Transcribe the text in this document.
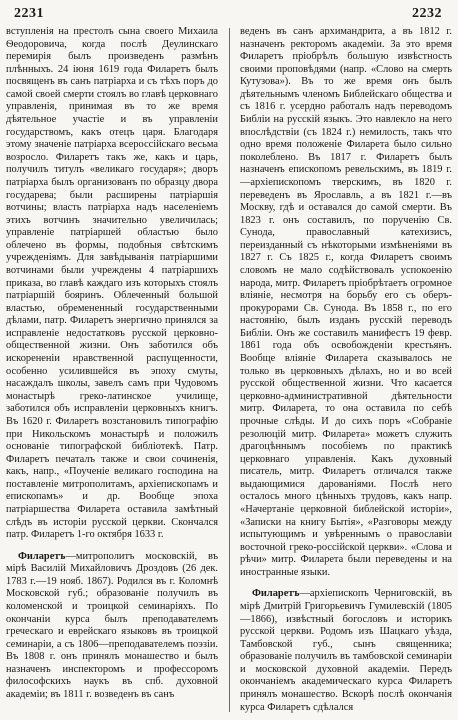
2231	2232

вступленія на престолъ сына своего Михаила Ѳеодоровича, когда послѣ Деулинскаго перемирія былъ произведенъ размѣнъ плѣнныхъ. 24 іюня 1619 года Филаретъ былъ посвященъ въ санъ патріарха и съ тѣхъ поръ до самой своей смерти стоялъ во главѣ церковнаго управленія, принимая въ то же время дѣятельное участіе и въ управленіи государствомъ, какъ отецъ царя. Благодаря этому значеніе патріарха всероссійскаго весьма возросло. Филаретъ такъ же, какъ и царь, получилъ титулъ «великаго государя»; дворъ патріарха былъ организованъ по образцу двора государева; были расширены патріаршія вотчины; власть патріарха надъ населеніемъ этихъ вотчинъ значительно увеличилась; управленіе патріаршей областью было облечено въ формы, подобныя свѣтскимъ учрежденіямъ. Для завѣдыванія патріаршими вотчинами были учреждены 4 патріаршихъ приказа, во главѣ каждаго изъ которыхъ стоялъ патріаршій бояринъ. Облеченный большой властью, обремененный государственными дѣлами, патр. Филаретъ энергично принялся за исправленіе недостатковъ русской церковно-общественной жизни. Онъ заботился объ искорененіи нравственной распущенности, особенно усилившейся въ эпоху смуты, насаждалъ школы, завелъ самъ при Чудовомъ монастырѣ греко-латинское училище, заботился объ исправленіи церковныхъ книгъ. Въ 1620 г. Филаретъ возстановилъ типографію при Никольскомъ монастырѣ и положилъ основаніе типографской библіотекѣ. Патр. Филаретъ печаталъ также и свои сочиненія, какъ, напр., «Поученіе великаго господина на поставленіе митрополитамъ, архіепископамъ и епископамъ» и др. Вообще эпоха патріаршества Филарета оставила замѣтный слѣдъ въ исторіи русской церкви. Скончался патр. Филаретъ 1-го октября 1633 г.

Филаретъ—митрополитъ московскій, въ мірѣ Василій Михайловичъ Дроздовъ (26 дек. 1783 г.—19 нояб. 1867). Родился въ г. Коломнѣ Московской губ.; образованіе получилъ въ коломенской и троицкой семинаріяхъ. По окончаніи курса былъ преподавателемъ греческаго и еврейскаго языковъ въ троицкой семинаріи, а съ 1806—преподавателемъ поэзіи. Въ 1808 г. онъ принялъ монашество и былъ назначенъ инспекторомъ и профессоромъ философскихъ наукъ въ спб. духовной академіи; въ 1811 г. возведенъ въ санъ

веденъ въ санъ архимандрита, а въ 1812 г. назначенъ ректоромъ академіи. За это время Филаретъ пріобрѣлъ большую извѣстность своими проповѣдями (напр. «Слово на смерть Кутузова»). Въ то же время онъ былъ дѣятельнымъ членомъ Библейскаго общества и съ 1816 г. усердно работалъ надъ переводомъ Библіи на русскій языкъ. Это навлекло на него впослѣдствіи (съ 1824 г.) немилость, такъ что одно время положеніе Филарета было сильно поколеблено. Въ 1817 г. Филаретъ былъ назначенъ епископомъ ревельскимъ, въ 1819 г.—архіепископомъ тверскимъ, въ 1820 г. переведенъ въ Ярославль, а въ 1821 г.—въ Москву, гдѣ и оставался до самой смерти. Въ 1823 г. онъ составилъ, по порученію Св. Сунода, православный катехизисъ, переизданный съ нѣкоторыми измѣненіями въ 1827 г. Съ 1825 г., когда Филаретъ своимъ словомъ не мало содѣйствовалъ успокоенію народа, митр. Филаретъ пріобрѣтаетъ огромное вліяніе, несмотря на борьбу его съ оберъ-прокурорами Св. Сунода. Въ 1858 г., по его настоянію, былъ изданъ русскій переводъ Библіи. Онъ же составилъ манифестъ 19 февр. 1861 года объ освобожденіи крестьянъ. Вообще вліяніе Филарета сказывалось не только въ церковныхъ дѣлахъ, но и во всей русской общественной жизни. Что касается церковно-административной дѣятельности митр. Филарета, то она оставила по себѣ прочные слѣды. И до сихъ поръ «Собраніе резолюцій митр. Филарета» можетъ служить драгоцѣннымъ пособіемъ по практикѣ церковнаго управленія. Какъ духовный писатель, митр. Филаретъ отличался также выдающимися дарованіями. Послѣ него осталось много цѣнныхъ трудовъ, какъ напр. «Начертаніе церковной библейской исторіи», «Записки на книгу Бытія», «Разговоры между испытующимъ и увѣреннымъ о православіи восточной греко-россійской церкви». «Слова и рѣчи» митр. Филарета были переведены и на иностранные языки.

Филаретъ—архіепископъ Черниговскій, въ мірѣ Дмитрій Григорьевичъ Гумилевскій (1805—1866), извѣстный богословъ и историкъ русской церкви. Родомъ изъ Шацкаго уѣзда, Тамбовской губ., сынъ священника; образованіе получилъ въ тамбовской семинаріи и московской духовной академіи. Передъ окончаніемъ академическаго курса Филаретъ принялъ монашество. Вскорѣ послѣ окончанія курса Филаретъ сдѣлался
